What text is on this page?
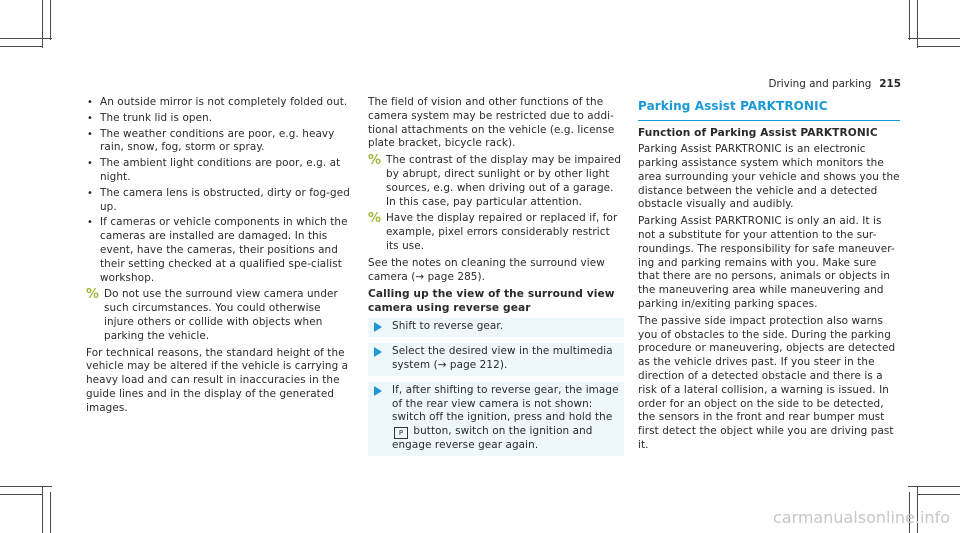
Driving and parking 215
• An outside mirror is not completely folded out.
• The trunk lid is open.
• The weather conditions are poor, e.g. heavy rain, snow, fog, storm or spray.
• The ambient light conditions are poor, e.g. at night.
• The camera lens is obstructed, dirty or fog-ged up.
• If cameras or vehicle components in which the cameras are installed are damaged. In this event, have the cameras, their positions and their setting checked at a qualified spe-cialist workshop.
% Do not use the surround view camera under such circumstances. You could otherwise injure others or collide with objects when parking the vehicle.

For technical reasons, the standard height of the vehicle may be altered if the vehicle is carrying a heavy load and can result in inaccuracies in the guide lines and in the display of the generated images.

The field of vision and other functions of the camera system may be restricted due to addi-tional attachments on the vehicle (e.g. license plate bracket, bicycle rack).

% The contrast of the display may be impaired by abrupt, direct sunlight or by other light sources, e.g. when driving out of a garage. In this case, pay particular attention.
% Have the display repaired or replaced if, for example, pixel errors considerably restrict its use.

See the notes on cleaning the surround view camera (→ page 285).

Calling up the view of the surround view camera using reverse gear
Shift to reverse gear.
Select the desired view in the multimedia system (→ page 212).
If, after shifting to reverse gear, the image of the rear view camera is not shown: switch off the ignition, press and hold the P button, switch on the ignition and engage reverse gear again.
Parking Assist PARKTRONIC
Function of Parking Assist PARKTRONIC

Parking Assist PARKTRONIC is an electronic parking assistance system which monitors the area surrounding your vehicle and shows you the distance between the vehicle and a detected obstacle visually and audibly.

Parking Assist PARKTRONIC is only an aid. It is not a substitute for your attention to the sur-roundings. The responsibility for safe maneuver-ing and parking remains with you. Make sure that there are no persons, animals or objects in the maneuvering area while maneuvering and parking in/exiting parking spaces.

The passive side impact protection also warns you of obstacles to the side. During the parking procedure or maneuvering, objects are detected as the vehicle drives past. If you steer in the direction of a detected obstacle and there is a risk of a lateral collision, a warning is issued. In order for an object on the side to be detected, the sensors in the front and rear bumper must first detect the object while you are driving past it.

carmanualsonline.info
